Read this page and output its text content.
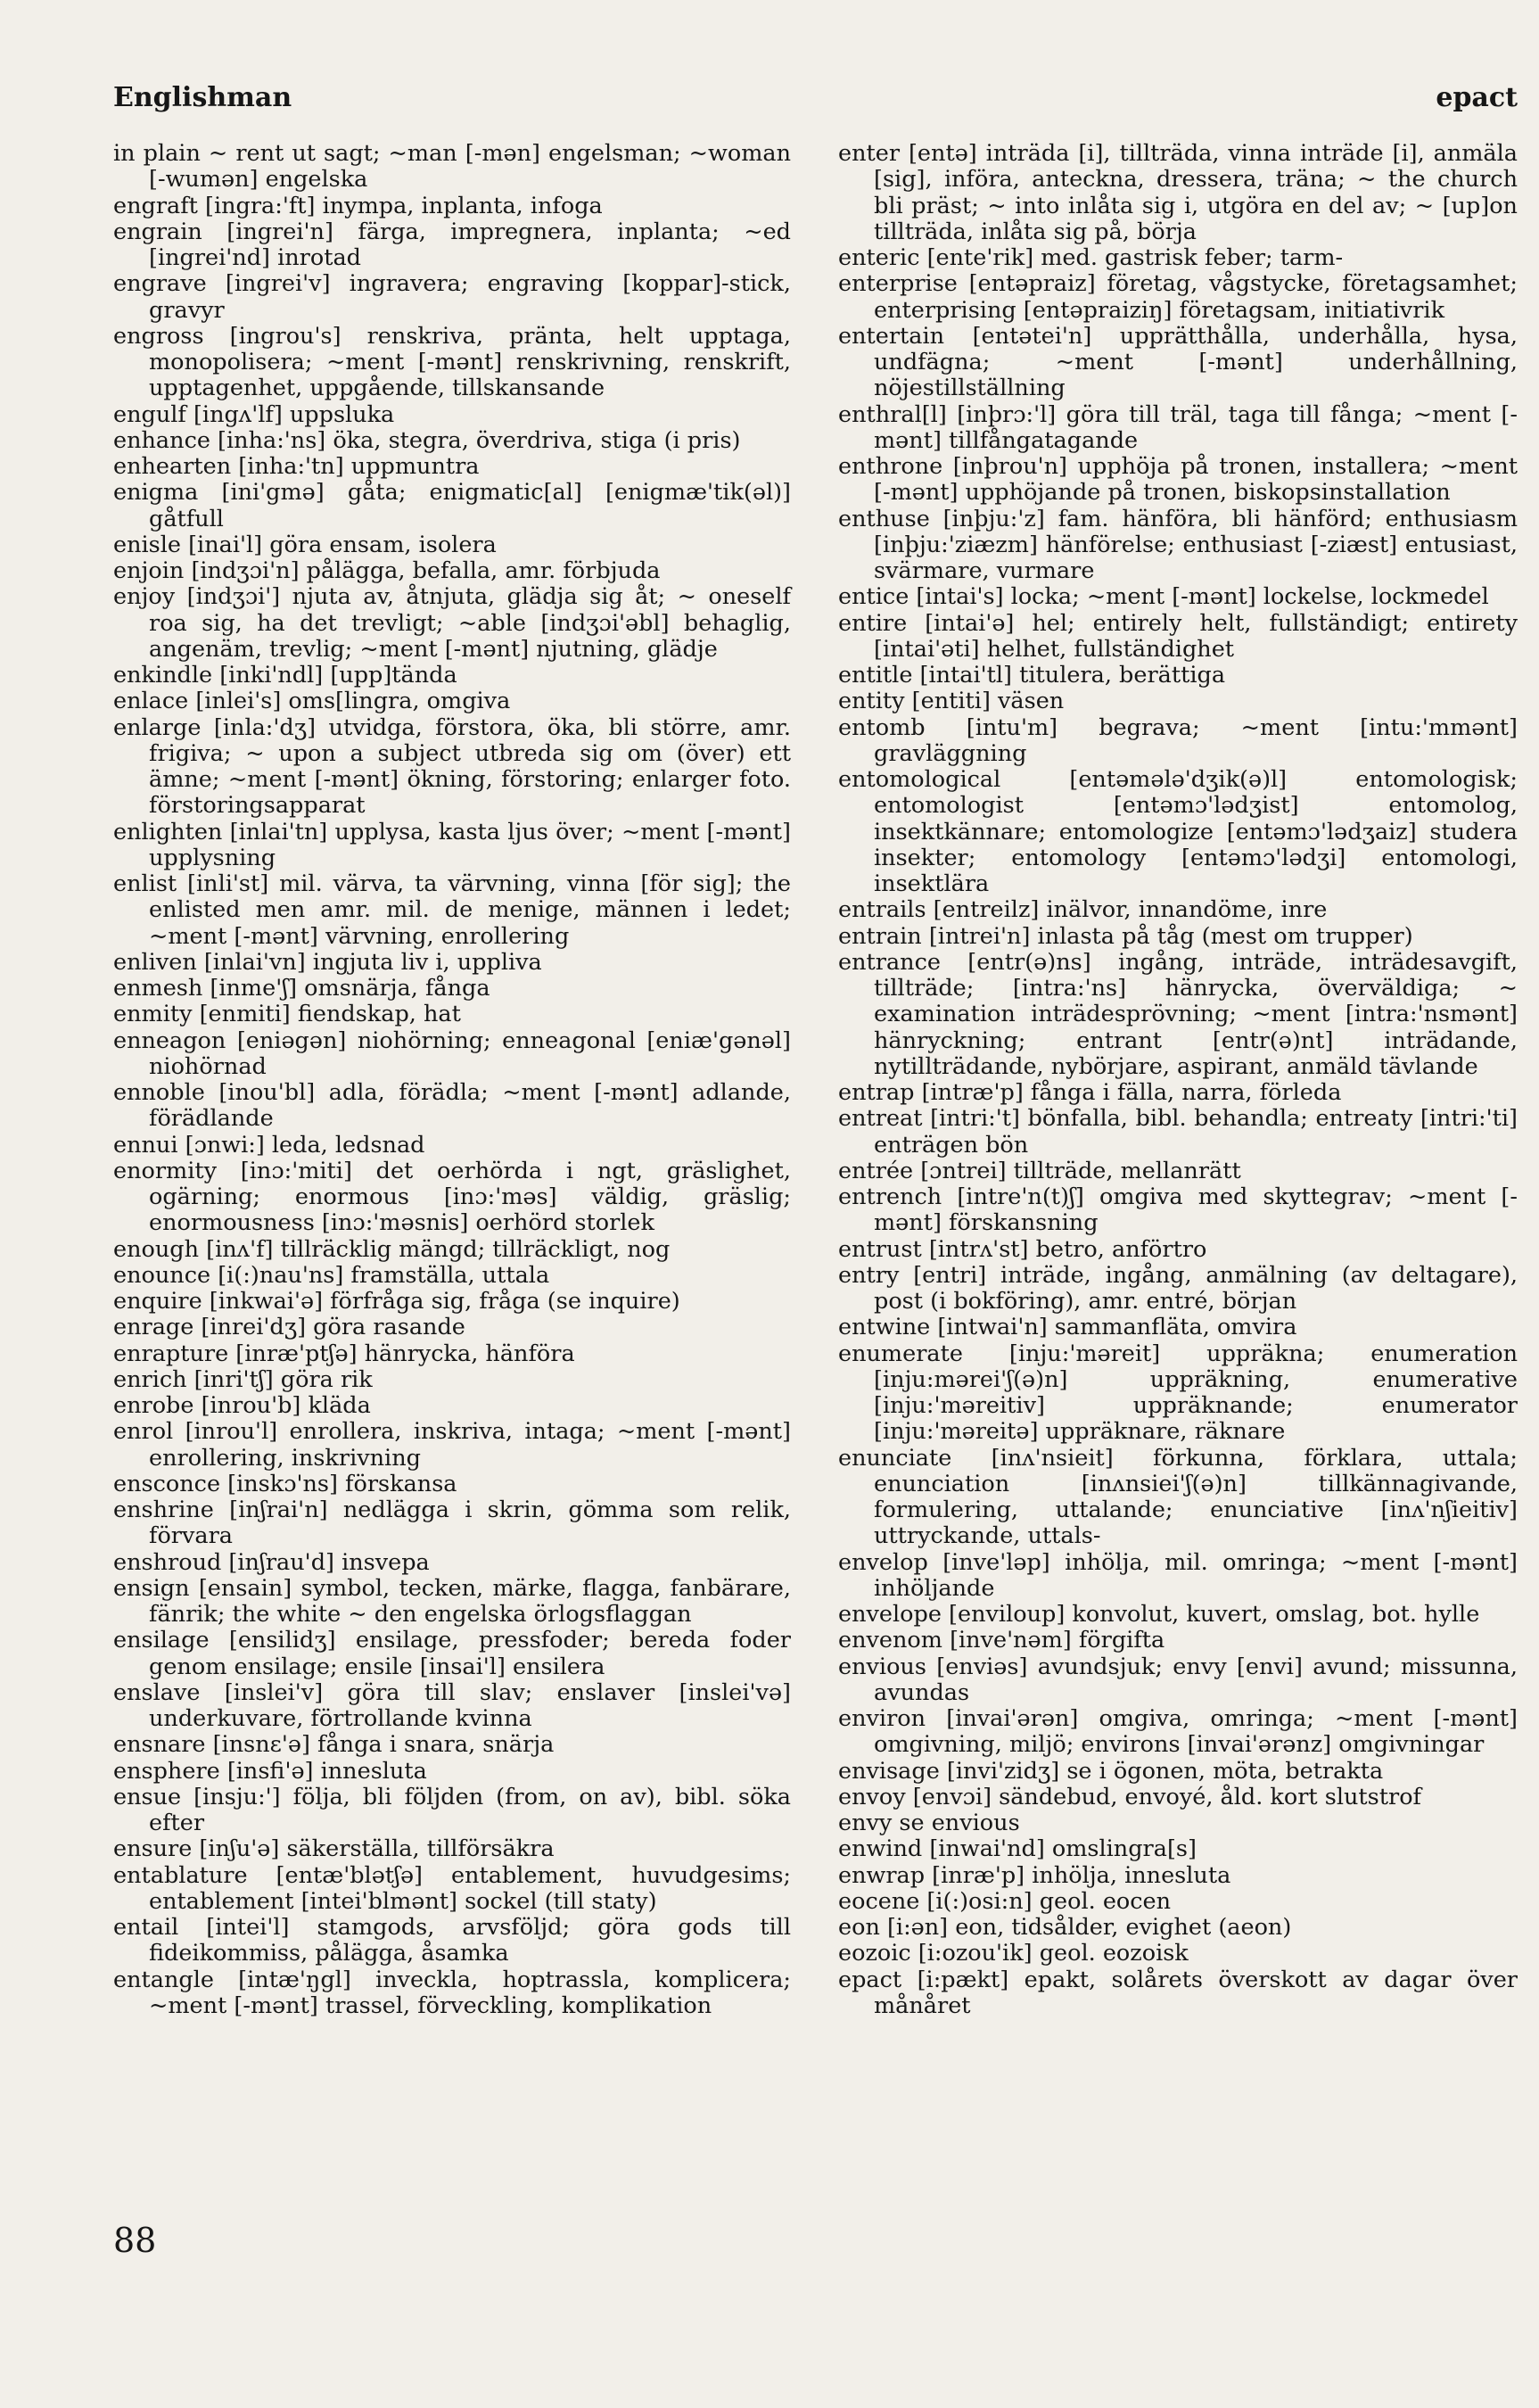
Englishman	epact
in plain ~ rent ut sagt; ~man [-mən] engelsman; ~woman [-wumən] engelska
engraft [ingra:'ft] inympa, inplanta, infoga
engrain [ingrei'n] färga, impregnera, inplanta; ~ed [ingrei'nd] inrotad
engrave [ingrei'v] ingravera; engraving [koppar]-stick, gravyr
engross [ingrou's] renskriva, pränta, helt upptaga, monopolisera; ~ment [-mənt] renskrivning, renskrift, upptagenhet, uppgående, tillskansande
engulf [ingʌ'lf] uppsluka
enhance [inha:'ns] öka, stegra, överdriva, stiga (i pris)
enhearten [inha:'tn] uppmuntra
enigma [ini'gmə] gåta; enigmatic[al] [enigmæ'tik(əl)] gåtfull
enisle [inai'l] göra ensam, isolera
enjoin [indʒɔi'n] pålägga, befalla, amr. förbjuda
enjoy [indʒɔi'] njuta av, åtnjuta, glädja sig åt; ~ oneself roa sig, ha det trevligt; ~able [indʒɔi'əbl] behaglig, angenäm, trevlig; ~ment [-mənt] njutning, glädje
enkindle [inki'ndl] [upp]tända
enlace [inlei's] oms[lingra, omgiva
enlarge [inla:'dʒ] utvidga, förstora, öka, bli större, amr. frigiva; ~ upon a subject utbreda sig om (över) ett ämne; ~ment [-mənt] ökning, förstoring; enlarger foto. förstoringsapparat
enlighten [inlai'tn] upplysa, kasta ljus över; ~ment [-mənt] upplysning
enlist [inli'st] mil. värva, ta värvning, vinna [för sig]; the enlisted men amr. mil. de menige, männen i ledet; ~ment [-mənt] värvning, enrollering
enliven [inlai'vn] ingjuta liv i, uppliva
enmesh [inme'ʃ] omsnärja, fånga
enmity [enmiti] fiendskap, hat
enneagon [eniəgən] niohörning; enneagonal [eniæ'gənəl] niohörnad
ennoble [inou'bl] adla, förädla; ~ment [-mənt] adlande, förädlande
ennui [ɔnwi:] leda, ledsnad
enormity [inɔ:'miti] det oerhörda i ngt, gräslighet, ogärning; enormous [inɔ:'məs] väldig, gräslig; enormousness [inɔ:'məsnis] oerhörd storlek
enough [inʌ'f] tillräcklig mängd; tillräckligt, nog
enounce [i(:)nau'ns] framställa, uttala
enquire [inkwai'ə] förfråga sig, fråga (se inquire)
enrage [inrei'dʒ] göra rasande
enrapture [inræ'ptʃə] hänrycka, hänföra
enrich [inri'tʃ] göra rik
enrobe [inrou'b] kläda
enrol [inrou'l] enrollera, inskriva, intaga; ~ment [-mənt] enrollering, inskrivning
ensconce [inskɔ'ns] förskansa
enshrine [inʃrai'n] nedlägga i skrin, gömma som relik, förvara
enshroud [inʃrau'd] insvepa
ensign [ensain] symbol, tecken, märke, flagga, fanbärare, fänrik; the white ~ den engelska örlogsflaggan
ensilage [ensilidʒ] ensilage, pressfoder; bereda foder genom ensilage; ensile [insai'l] ensilera
enslave [inslei'v] göra till slav; enslaver [inslei'və] underkuvare, förtrollande kvinna
ensnare [insnɛ'ə] fånga i snara, snärja
ensphere [insfi'ə] innesluta
ensue [insju:'] följa, bli följden (from, on av), bibl. söka efter
ensure [inʃu'ə] säkerställa, tillförsäkra
entablature [entæ'blətʃə] entablement, huvudgesims; entablement [intei'blmənt] sockel (till staty)
entail [intei'l] stamgods, arvsföljd; göra gods till fideikommiss, pålägga, åsamka
entangle [intæ'ŋgl] inveckla, hoptrassla, komplicera; ~ment [-mənt] trassel, förveckling, komplikation
enter [entə] inträda [i], tillträda, vinna inträde [i], anmäla [sig], införa, anteckna, dressera, träna; ~ the church bli präst; ~ into inlåta sig i, utgöra en del av; ~ [up]on tillträda, inlåta sig på, börja
enteric [ente'rik] med. gastrisk feber; tarm-
enterprise [entəpraiz] företag, vågstycke, företagsamhet; enterprising [entəpraiziŋ] företagsam, initiativrik
entertain [entətei'n] upprätthålla, underhålla, hysa, undfägna; ~ment [-mənt] underhållning, nöjestillställning
enthral[l] [inþrɔ:'l] göra till träl, taga till fånga; ~ment [-mənt] tillfångatagande
enthrone [inþrou'n] upphöja på tronen, installera; ~ment [-mənt] upphöjande på tronen, biskopsinstallation
enthuse [inþju:'z] fam. hänföra, bli hänförd; enthusiasm [inþju:'ziæzm] hänförelse; enthusiast [-ziæst] entusiast, svärmare, vurmare
entice [intai's] locka; ~ment [-mənt] lockelse, lockmedel
entire [intai'ə] hel; entirely helt, fullständigt; entirety [intai'əti] helhet, fullständighet
entitle [intai'tl] titulera, berättiga
entity [entiti] väsen
entomb [intu'm] begrava; ~ment [intu:'mmənt] gravläggning
entomological [entəmələ'dʒik(ə)l] entomologisk; entomologist [entəmɔ'lədʒist] entomolog, insektkännare; entomologize [entəmɔ'lədʒaiz] studera insekter; entomology [entəmɔ'lədʒi] entomologi, insektlära
entrails [entreilz] inälvor, innandöme, inre
entrain [intrei'n] inlasta på tåg (mest om trupper)
entrance [entr(ə)ns] ingång, inträde, inträdesavgift, tillträde; [intra:'ns] hänrycka, överväldiga; ~ examination inträdesprövning; ~ment [intra:'nsmənt] hänryckning; entrant [entr(ə)nt] inträdande, nytillträdande, nybörjare, aspirant, anmäld tävlande
entrap [intræ'p] fånga i fälla, narra, förleda
entreat [intri:'t] bönfalla, bibl. behandla; entreaty [intri:'ti] enträgen bön
entrée [ɔntrei] tillträde, mellanrätt
entrench [intre'n(t)ʃ] omgiva med skyttegrav; ~ment [-mənt] förskansning
entrust [intrʌ'st] betro, anförtro
entry [entri] inträde, ingång, anmälning (av deltagare), post (i bokföring), amr. entré, början
entwine [intwai'n] sammanfläta, omvira
enumerate [inju:'məreit] uppräkna; enumeration [inju:mərei'ʃ(ə)n] uppräkning, enumerative [inju:'məreitiv] uppräknande; enumerator [inju:'məreitə] uppräknare, räknare
enunciate [inʌ'nsieit] förkunna, förklara, uttala; enunciation [inʌnsiei'ʃ(ə)n] tillkännagivande, formulering, uttalande; enunciative [inʌ'nʃieitiv] uttryckande, uttals-
envelop [inve'ləp] inhölja, mil. omringa; ~ment [-mənt] inhöljande
envelope [enviloup] konvolut, kuvert, omslag, bot. hylle
envenom [inve'nəm] förgifta
envious [enviəs] avundsjuk; envy [envi] avund; missunna, avundas
environ [invai'ərən] omgiva, omringa; ~ment [-mənt] omgivning, miljö; environs [invai'ərənz] omgivningar
envisage [invi'zidʒ] se i ögonen, möta, betrakta
envoy [envɔi] sändebud, envoyé, åld. kort slutstrof
envy se envious
enwind [inwai'nd] omslingra[s]
enwrap [inræ'p] inhölja, innesluta
eocene [i(:)osi:n] geol. eocen
eon [i:ən] eon, tidsålder, evighet (aeon)
eozoic [i:ozou'ik] geol. eozoisk
epact [i:pækt] epakt, solårets överskott av dagar över månåret
88
